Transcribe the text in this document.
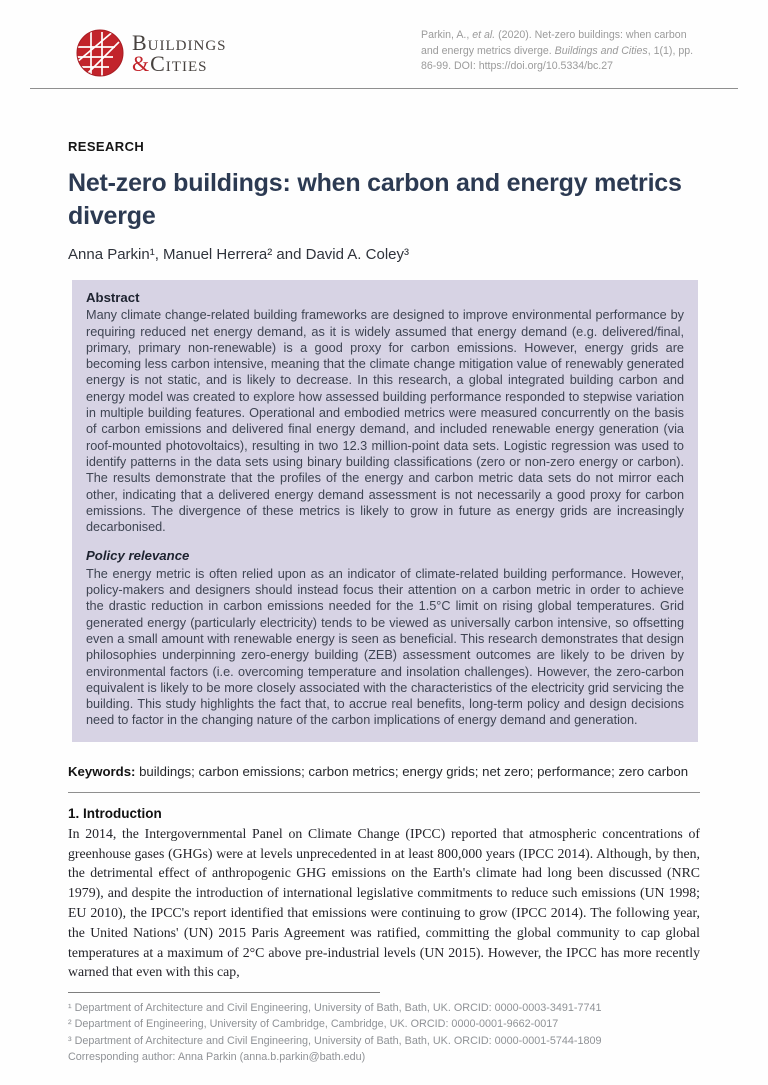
Buildings
&Cities
Parkin, A., et al. (2020). Net-zero buildings: when carbon and energy metrics diverge. Buildings and Cities, 1(1), pp. 86-99. DOI: https://doi.org/10.5334/bc.27
RESEARCH
Net-zero buildings: when carbon and energy metrics diverge
Anna Parkin¹, Manuel Herrera² and David A. Coley³
Abstract

Many climate change-related building frameworks are designed to improve environmental performance by requiring reduced net energy demand, as it is widely assumed that energy demand (e.g. delivered/final, primary, primary non-renewable) is a good proxy for carbon emissions. However, energy grids are becoming less carbon intensive, meaning that the climate change mitigation value of renewably generated energy is not static, and is likely to decrease. In this research, a global integrated building carbon and energy model was created to explore how assessed building performance responded to stepwise variation in multiple building features. Operational and embodied metrics were measured concurrently on the basis of carbon emissions and delivered final energy demand, and included renewable energy generation (via roof-mounted photovoltaics), resulting in two 12.3 million-point data sets. Logistic regression was used to identify patterns in the data sets using binary building classifications (zero or non-zero energy or carbon). The results demonstrate that the profiles of the energy and carbon metric data sets do not mirror each other, indicating that a delivered energy demand assessment is not necessarily a good proxy for carbon emissions. The divergence of these metrics is likely to grow in future as energy grids are increasingly decarbonised.

Policy relevance

The energy metric is often relied upon as an indicator of climate-related building performance. However, policy-makers and designers should instead focus their attention on a carbon metric in order to achieve the drastic reduction in carbon emissions needed for the 1.5°C limit on rising global temperatures. Grid generated energy (particularly electricity) tends to be viewed as universally carbon intensive, so offsetting even a small amount with renewable energy is seen as beneficial. This research demonstrates that design philosophies underpinning zero-energy building (ZEB) assessment outcomes are likely to be driven by environmental factors (i.e. overcoming temperature and insolation challenges). However, the zero-carbon equivalent is likely to be more closely associated with the characteristics of the electricity grid servicing the building. This study highlights the fact that, to accrue real benefits, long-term policy and design decisions need to factor in the changing nature of the carbon implications of energy demand and generation.

Keywords: buildings; carbon emissions; carbon metrics; energy grids; net zero; performance; zero carbon
1. Introduction

In 2014, the Intergovernmental Panel on Climate Change (IPCC) reported that atmospheric concentrations of greenhouse gases (GHGs) were at levels unprecedented in at least 800,000 years (IPCC 2014). Although, by then, the detrimental effect of anthropogenic GHG emissions on the Earth's climate had long been discussed (NRC 1979), and despite the introduction of international legislative commitments to reduce such emissions (UN 1998; EU 2010), the IPCC's report identified that emissions were continuing to grow (IPCC 2014). The following year, the United Nations' (UN) 2015 Paris Agreement was ratified, committing the global community to cap global temperatures at a maximum of 2°C above pre-industrial levels (UN 2015). However, the IPCC has more recently warned that even with this cap,

¹ Department of Architecture and Civil Engineering, University of Bath, Bath, UK. ORCID: 0000-0003-3491-7741
² Department of Engineering, University of Cambridge, Cambridge, UK. ORCID: 0000-0001-9662-0017
³ Department of Architecture and Civil Engineering, University of Bath, Bath, UK. ORCID: 0000-0001-5744-1809
Corresponding author: Anna Parkin (anna.b.parkin@bath.edu)
